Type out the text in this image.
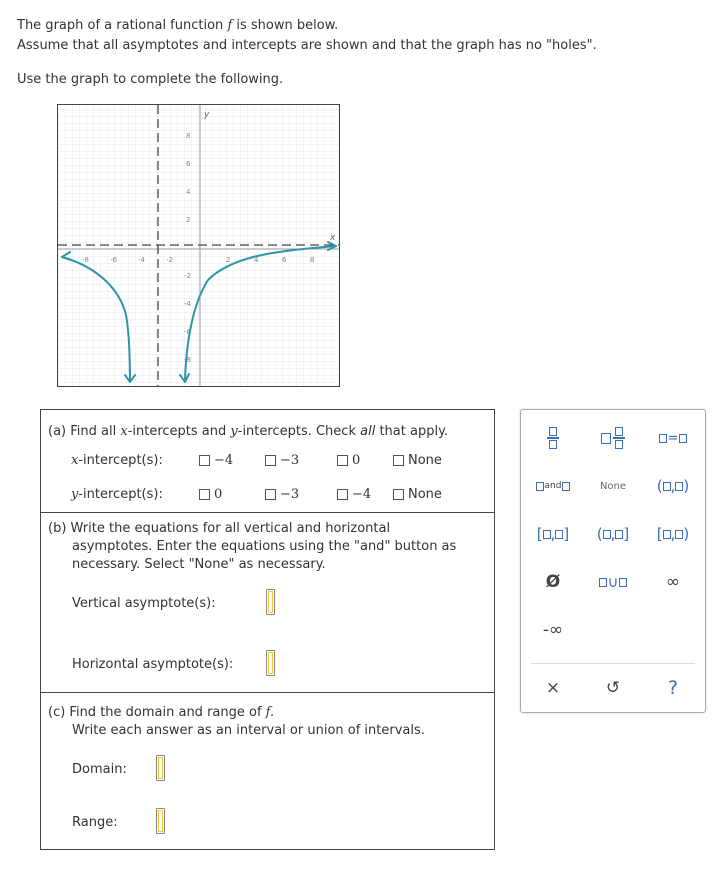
The graph of a rational function f is shown below.

Assume that all asymptotes and intercepts are shown and that the graph has no "holes".

Use the graph to complete the following.
x
y
-8	-6	-4	-2	2	4	6	8
8
6
4
2
-2
-4
-6
-8
(a) Find all x-intercepts and y-intercepts. Check all that apply.
x-intercept(s):	−4	−3	0	None
y-intercept(s):	0	−3	−4	None
(b) Write the equations for all vertical and horizontal
asymptotes. Enter the equations using the "and" button as
necessary. Select "None" as necessary.
Vertical asymptote(s):
Horizontal asymptote(s):
(c) Find the domain and range of f.
Write each answer as an interval or union of intervals.
Domain:
Range:
=
and	None ( , )
[ , ] ( , ] [ , )
Ø	∪	∞
-∞
×	↺	?
